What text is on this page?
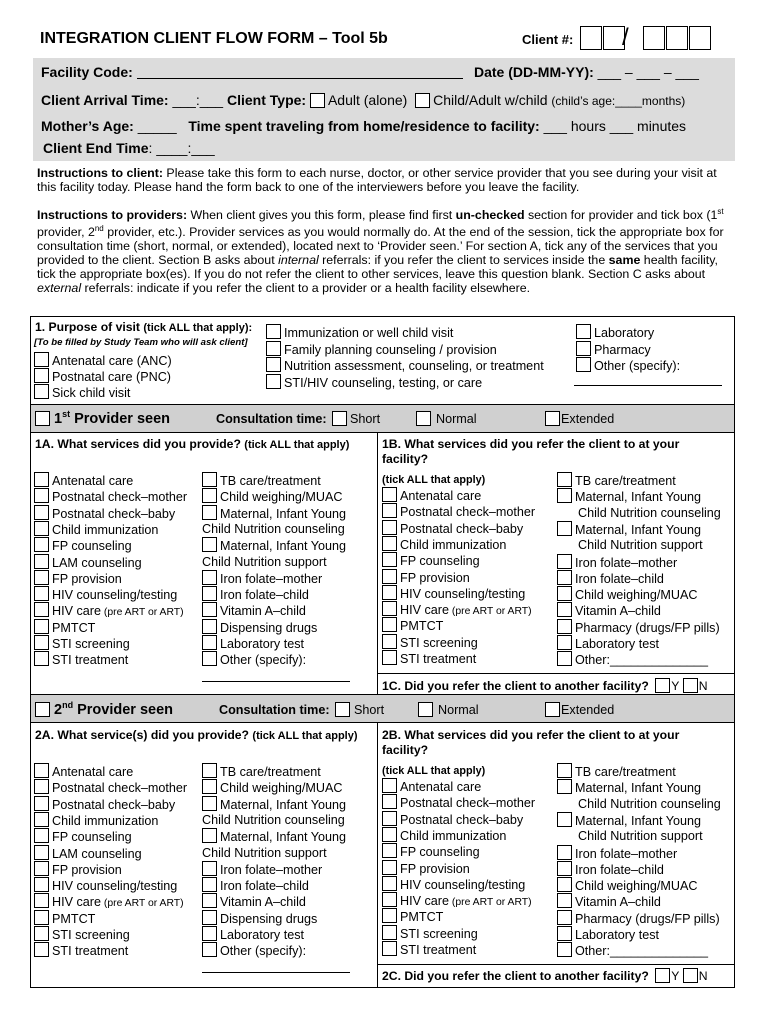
INTEGRATION CLIENT FLOW FORM – Tool 5b	Client #: /
Facility Code:	Date (DD-MM-YY): ___ – ___ – ___
Client Arrival Time: ___:___ Client Type: Adult (alone) Child/Adult w/child (child’s age:____months)
Mother’s Age: _____ Time spent traveling from home/residence to facility: ___ hours ___ minutes
Client End Time: ____:___
Instructions to client: Please take this form to each nurse, doctor, or other service provider that you see during your visit at this facility today. Please hand the form back to one of the interviewers before you leave the facility.
Instructions to providers: When client gives you this form, please find first un-checked section for provider and tick box (1st provider, 2nd provider, etc.). Provider services as you would normally do. At the end of the session, tick the appropriate box for consultation time (short, normal, or extended), located next to ‘Provider seen.’ For section A, tick any of the services that you provided to the client. Section B asks about internal referrals: if you refer the client to services inside the same health facility, tick the appropriate box(es). If you do not refer the client to other services, leave this question blank. Section C asks about external referrals: indicate if you refer the client to a provider or a health facility elsewhere.
1. Purpose of visit (tick ALL that apply):
[To be filled by Study Team who will ask client]
Antenatal care (ANC)
Postnatal care (PNC)
Sick child visit
Immunization or well child visit
Family planning counseling / provision
Nutrition assessment, counseling, or treatment
STI/HIV counseling, testing, or care
Laboratory
Pharmacy
Other (specify):
1st Provider seen	Consultation time:	Short	Normal	Extended
1A. What services did you provide? (tick ALL that apply)	1B. What services did you refer the client to at your facility?
(tick ALL that apply)
Antenatal care
Postnatal check–mother
Postnatal check–baby
Child immunization
FP counseling
LAM counseling
FP provision
HIV counseling/testing
HIV care (pre ART or ART)
PMTCT
STI screening
STI treatment
TB care/treatment
Child weighing/MUAC
Maternal, Infant Young
Child Nutrition counseling
Maternal, Infant Young
Child Nutrition support
Iron folate–mother
Iron folate–child
Vitamin A–child
Dispensing drugs
Laboratory test
Other (specify):
Antenatal care
Postnatal check–mother
Postnatal check–baby
Child immunization
FP counseling
FP provision
HIV counseling/testing
HIV care (pre ART or ART)
PMTCT
STI screening
STI treatment
TB care/treatment
Maternal, Infant Young
Child Nutrition counseling
Maternal, Infant Young
Child Nutrition support
Iron folate–mother
Iron folate–child
Child weighing/MUAC
Vitamin A–child
Pharmacy (drugs/FP pills)
Laboratory test
Other:______________
1C. Did you refer the client to another facility? Y N
2nd Provider seen	Consultation time:	Short	Normal	Extended
2A. What service(s) did you provide? (tick ALL that apply) 2B. What services did you refer the client to at your facility?
(tick ALL that apply)
Antenatal care
Postnatal check–mother
Postnatal check–baby
Child immunization
FP counseling
LAM counseling
FP provision
HIV counseling/testing
HIV care (pre ART or ART)
PMTCT
STI screening
STI treatment
TB care/treatment
Child weighing/MUAC
Maternal, Infant Young
Child Nutrition counseling
Maternal, Infant Young
Child Nutrition support
Iron folate–mother
Iron folate–child
Vitamin A–child
Dispensing drugs
Laboratory test
Other (specify):
Antenatal care
Postnatal check–mother
Postnatal check–baby
Child immunization
FP counseling
FP provision
HIV counseling/testing
HIV care (pre ART or ART)
PMTCT
STI screening
STI treatment
TB care/treatment
Maternal, Infant Young
Child Nutrition counseling
Maternal, Infant Young
Child Nutrition support
Iron folate–mother
Iron folate–child
Child weighing/MUAC
Vitamin A–child
Pharmacy (drugs/FP pills)
Laboratory test
Other:______________
2C. Did you refer the client to another facility? Y N
